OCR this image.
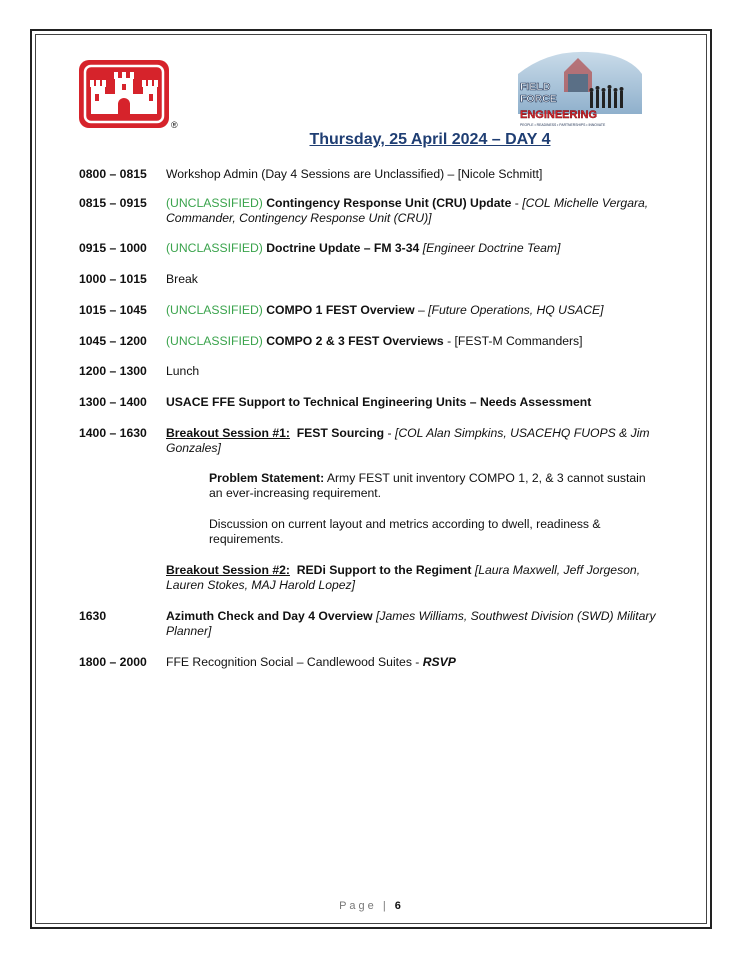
®
FIELD
FORCE
ENGINEERING
PEOPLE • READINESS • PARTNERSHIPS • INNOVATE
Thursday, 25 April 2024 – DAY 4
0800 – 0815	Workshop Admin (Day 4 Sessions are Unclassified) – [Nicole Schmitt]
0815 – 0915	(UNCLASSIFIED) Contingency Response Unit (CRU) Update - [COL Michelle Vergara, Commander, Contingency Response Unit (CRU)]
0915 – 1000	(UNCLASSIFIED) Doctrine Update – FM 3-34 [Engineer Doctrine Team]
1000 – 1015	Break
1015 – 1045	(UNCLASSIFIED) COMPO 1 FEST Overview – [Future Operations, HQ USACE]
1045 – 1200	(UNCLASSIFIED) COMPO 2 & 3 FEST Overviews - [FEST-M Commanders]
1200 – 1300	Lunch
1300 – 1400	USACE FFE Support to Technical Engineering Units – Needs Assessment
1400 – 1630	Breakout Session #1: FEST Sourcing - [COL Alan Simpkins, USACEHQ FUOPS & Jim Gonzales]
Problem Statement: Army FEST unit inventory COMPO 1, 2, & 3 cannot sustain an ever-increasing requirement.
Discussion on current layout and metrics according to dwell, readiness & requirements.
Breakout Session #2: REDi Support to the Regiment [Laura Maxwell, Jeff Jorgeson, Lauren Stokes, MAJ Harold Lopez]
1630	Azimuth Check and Day 4 Overview [James Williams, Southwest Division (SWD) Military Planner]
1800 – 2000	FFE Recognition Social – Candlewood Suites - RSVP
Page | 6
